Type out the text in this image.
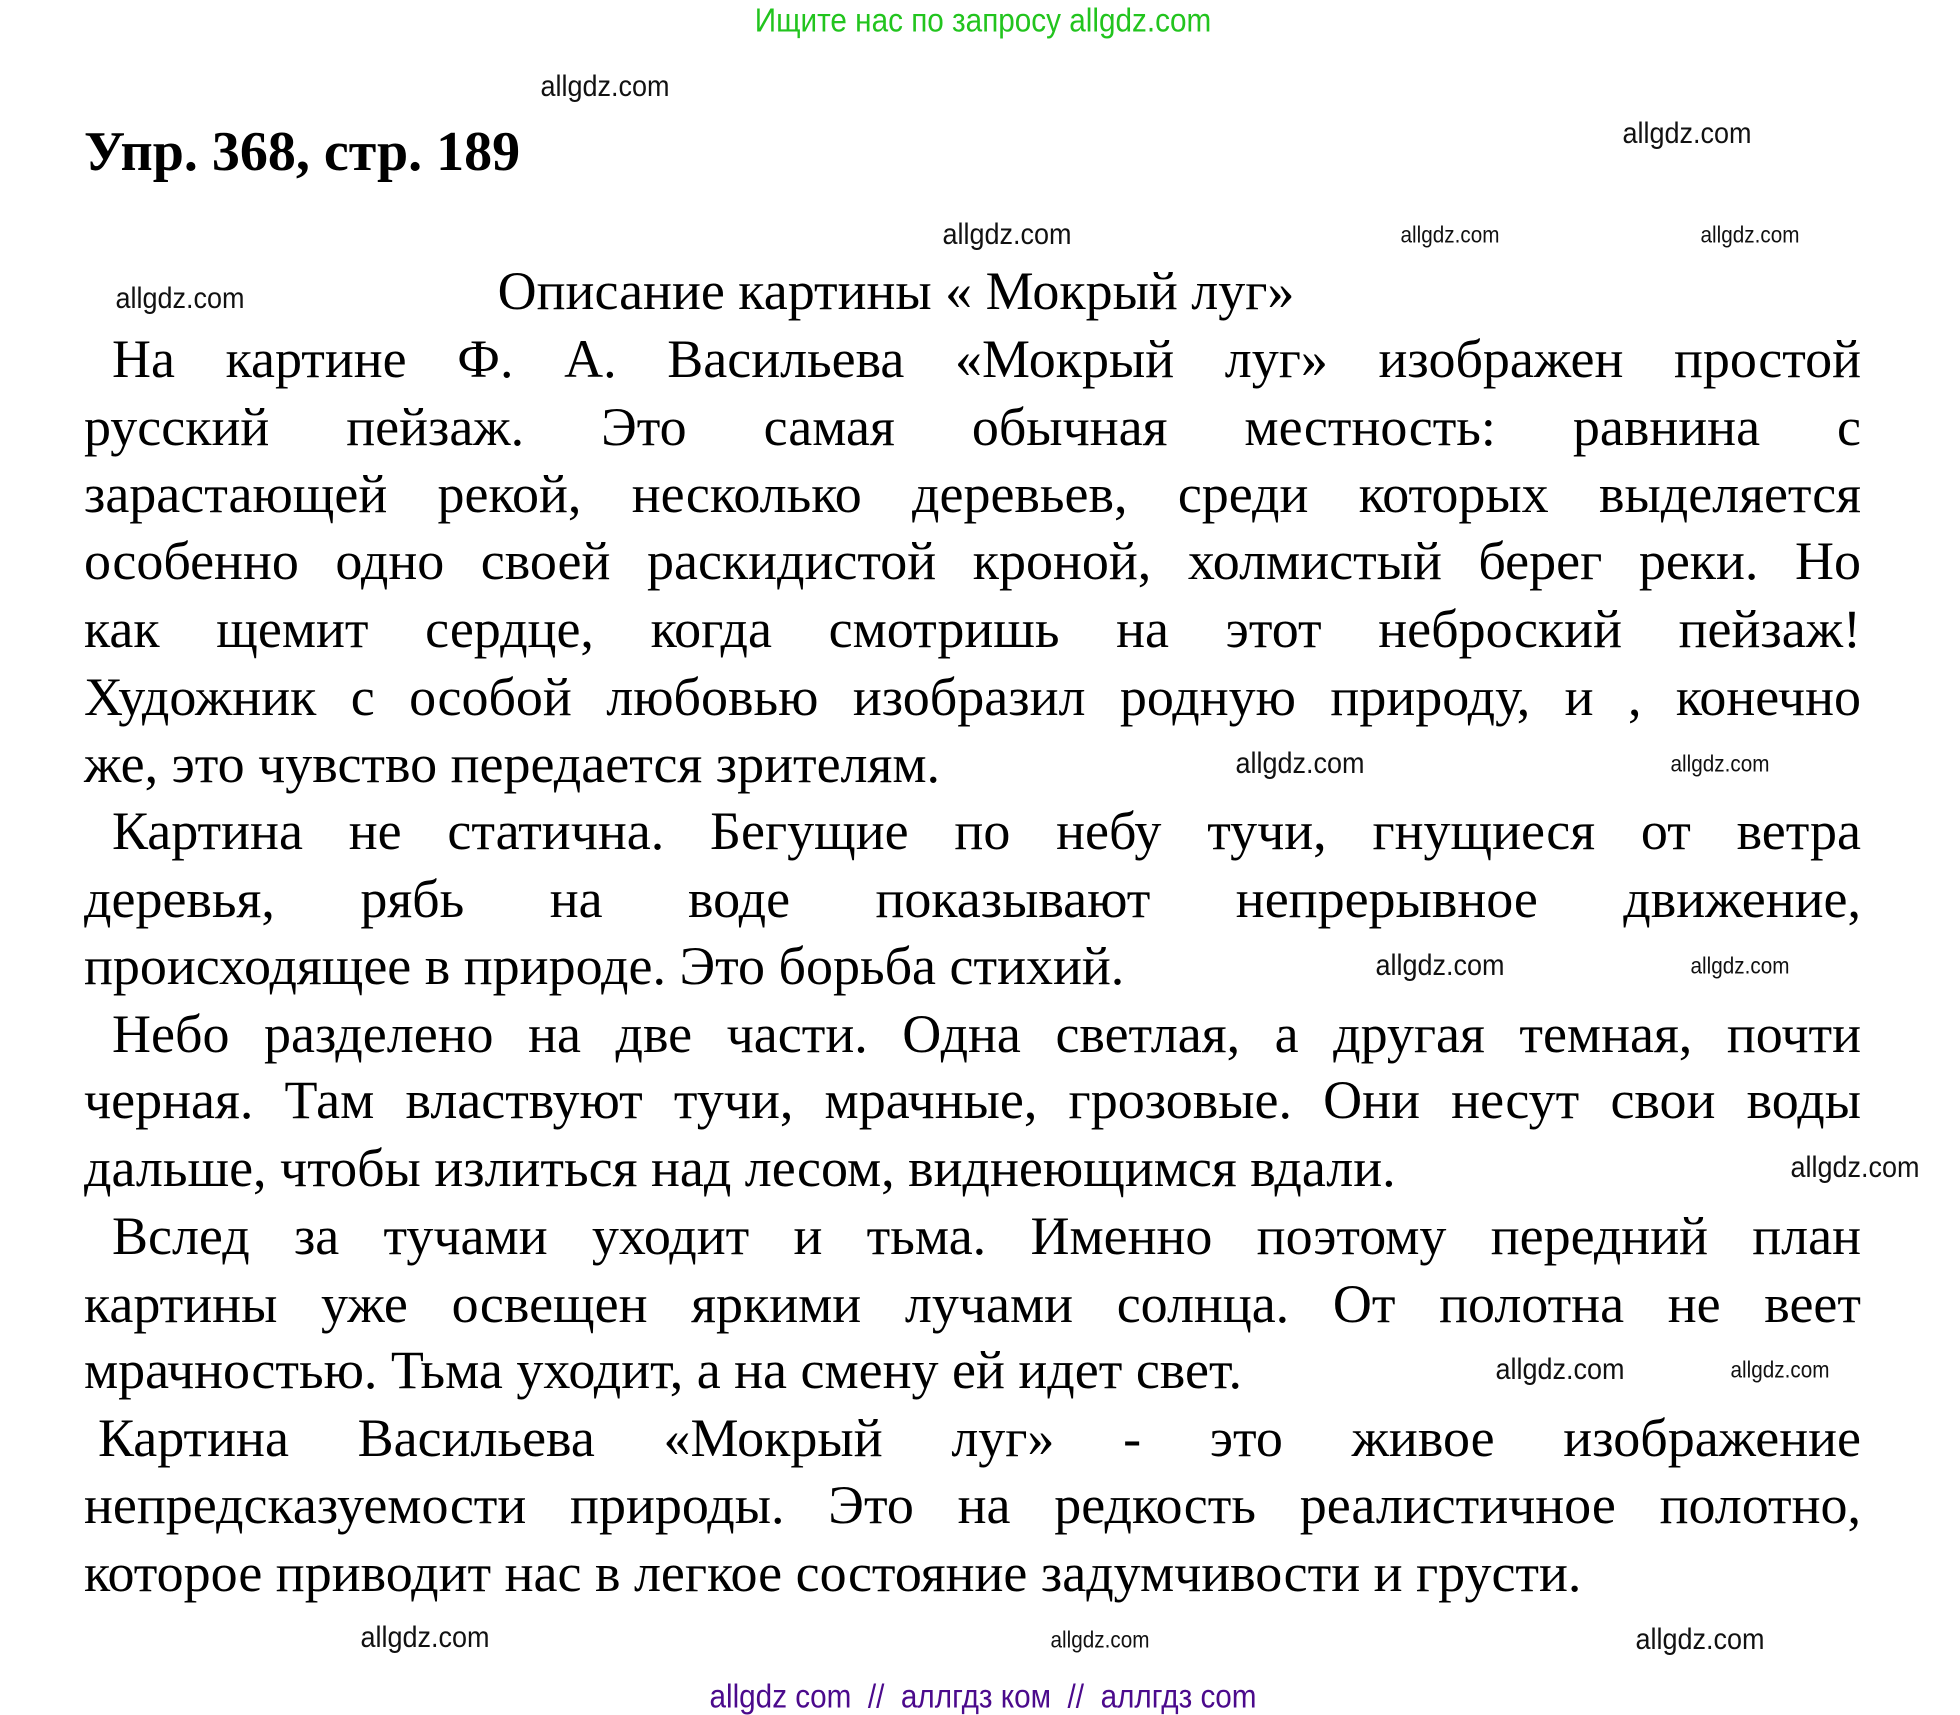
Ищите нас по запросу allgdz.com
Упр. 368, стр. 189
Описание картины « Мокрый луг»
На картине Ф. А. Васильева «Мокрый луг» изображен простой
русский пейзаж. Это самая обычная местность: равнина с
зарастающей рекой, несколько деревьев, среди которых выделяется
особенно одно своей раскидистой кроной, холмистый берег реки. Но
как щемит сердце, когда смотришь на этот неброский пейзаж!
Художник с особой любовью изобразил родную природу, и , конечно
же, это чувство передается зрителям.
Картина не статична. Бегущие по небу тучи, гнущиеся от ветра
деревья, рябь на воде показывают непрерывное движение,
происходящее в природе. Это борьба стихий.
Небо разделено на две части. Одна светлая, а другая темная, почти
черная. Там властвуют тучи, мрачные, грозовые. Они несут свои воды
дальше, чтобы излиться над лесом, виднеющимся вдали.
Вслед за тучами уходит и тьма. Именно поэтому передний план
картины уже освещен яркими лучами солнца. От полотна не веет
мрачностью. Тьма уходит, а на смену ей идет свет.
Картина Васильева «Мокрый луг» - это живое изображение
непредсказуемости природы. Это на редкость реалистичное полотно,
которое приводит нас в легкое состояние задумчивости и грусти.
allgdz.com
allgdz.com
allgdz.com
allgdz.com
allgdz.com	allgdz.com
allgdz.com
allgdz.com
allgdz.com	allgdz.com
allgdz.com
allgdz.com
allgdz.com
allgdz.com	allgdz.com
allgdz.com
allgdz com  //  аллгдз ком  //  аллгдз com
